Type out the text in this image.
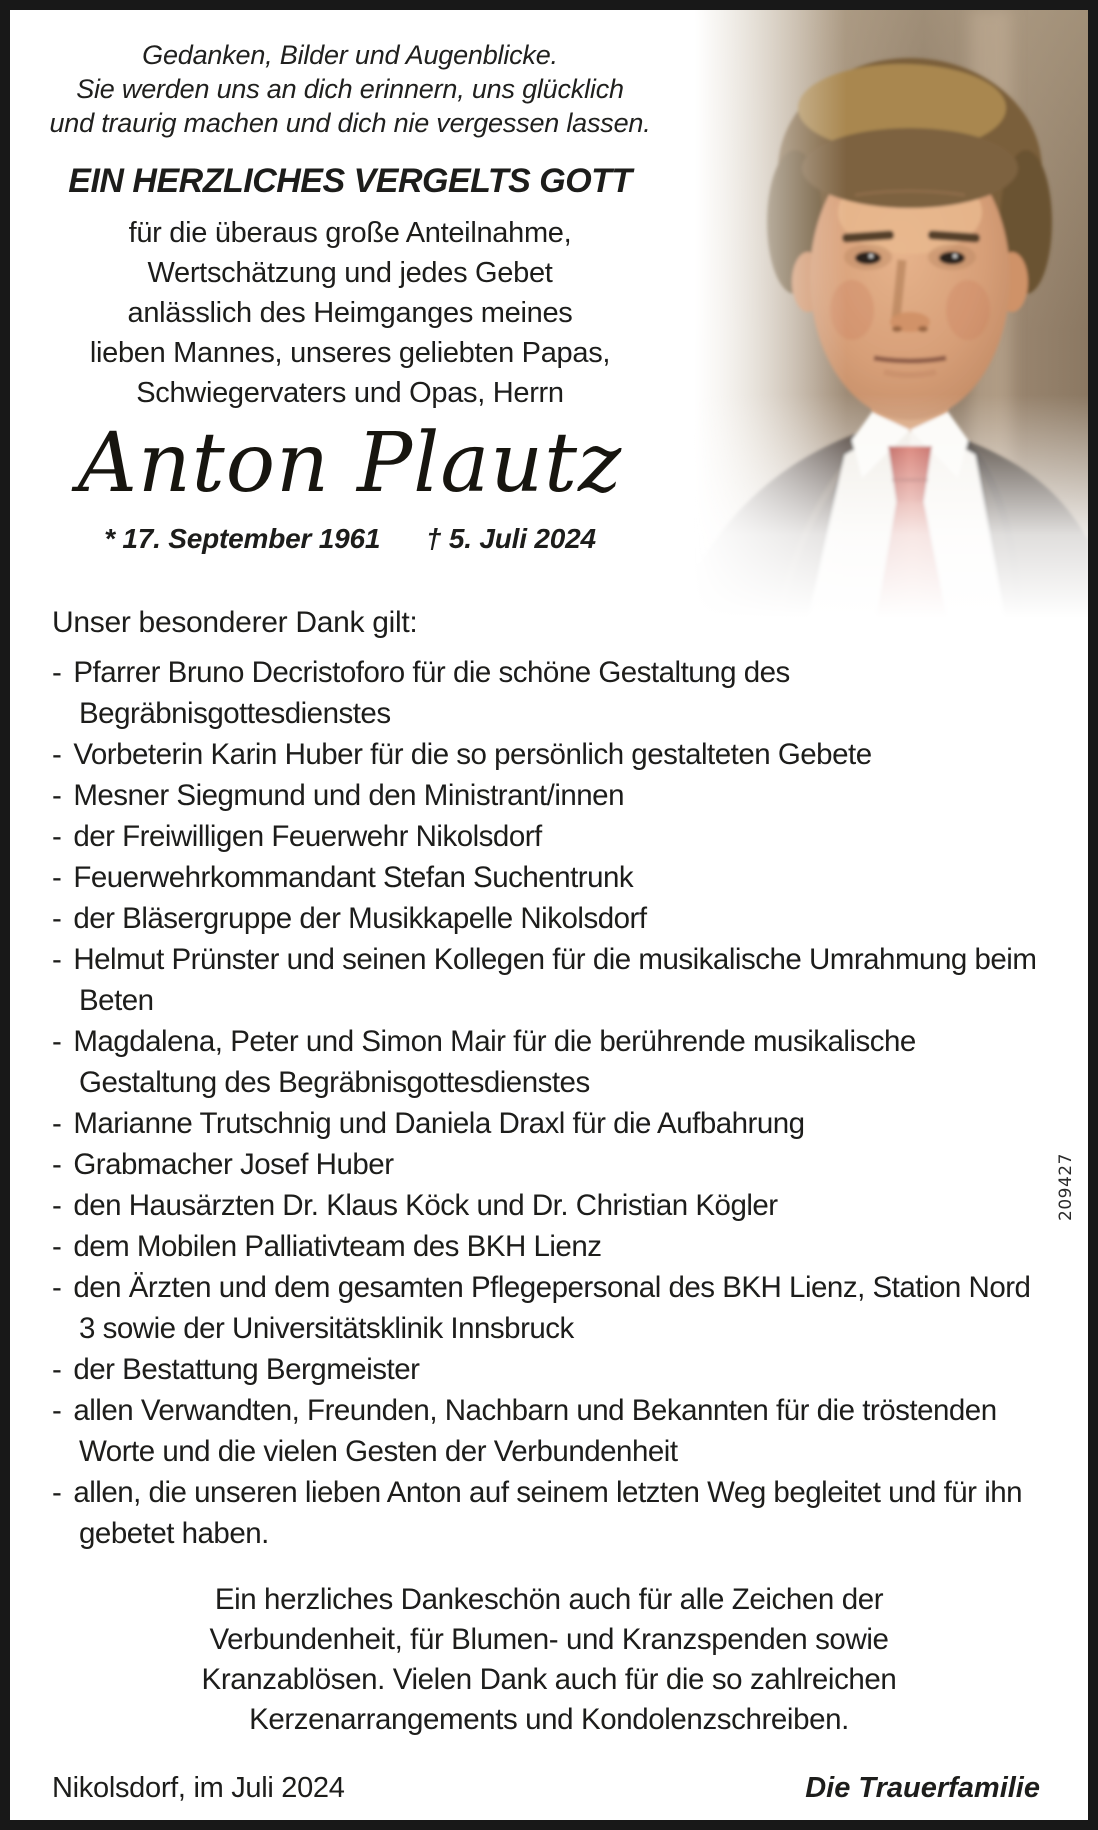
Gedanken, Bilder und Augenblicke.
Sie werden uns an dich erinnern, uns glücklich
und traurig machen und dich nie vergessen lassen.
EIN HERZLICHES VERGELTS GOTT
für die überaus große Anteilnahme,
Wertschätzung und jedes Gebet
anlässlich des Heimganges meines
lieben Mannes, unseres geliebten Papas,
Schwiegervaters und Opas, Herrn
Anton Plautz
* 17. September 1961 † 5. Juli 2024
Unser besonderer Dank gilt:
- Pfarrer Bruno Decristoforo für die schöne Gestaltung des Begräbnisgottesdienstes
- Vorbeterin Karin Huber für die so persönlich gestalteten Gebete
- Mesner Siegmund und den Ministrant/innen
- der Freiwilligen Feuerwehr Nikolsdorf
- Feuerwehrkommandant Stefan Suchentrunk
- der Bläsergruppe der Musikkapelle Nikolsdorf
- Helmut Prünster und seinen Kollegen für die musikalische Umrahmung beim Beten
- Magdalena, Peter und Simon Mair für die berührende musikalische Gestaltung des Begräbnisgottesdienstes
- Marianne Trutschnig und Daniela Draxl für die Aufbahrung
- Grabmacher Josef Huber
- den Hausärzten Dr. Klaus Köck und Dr. Christian Kögler
- dem Mobilen Palliativteam des BKH Lienz
- den Ärzten und dem gesamten Pflegepersonal des BKH Lienz, Station Nord 3 sowie der Universitätsklinik Innsbruck
- der Bestattung Bergmeister
- allen Verwandten, Freunden, Nachbarn und Bekannten für die tröstenden Worte und die vielen Gesten der Verbundenheit
- allen, die unseren lieben Anton auf seinem letzten Weg begleitet und für ihn gebetet haben.
Ein herzliches Dankeschön auch für alle Zeichen der
Verbundenheit, für Blumen- und Kranzspenden sowie
Kranzablösen. Vielen Dank auch für die so zahlreichen
Kerzenarrangements und Kondolenzschreiben.
Nikolsdorf, im Juli 2024	Die Trauerfamilie
209427
